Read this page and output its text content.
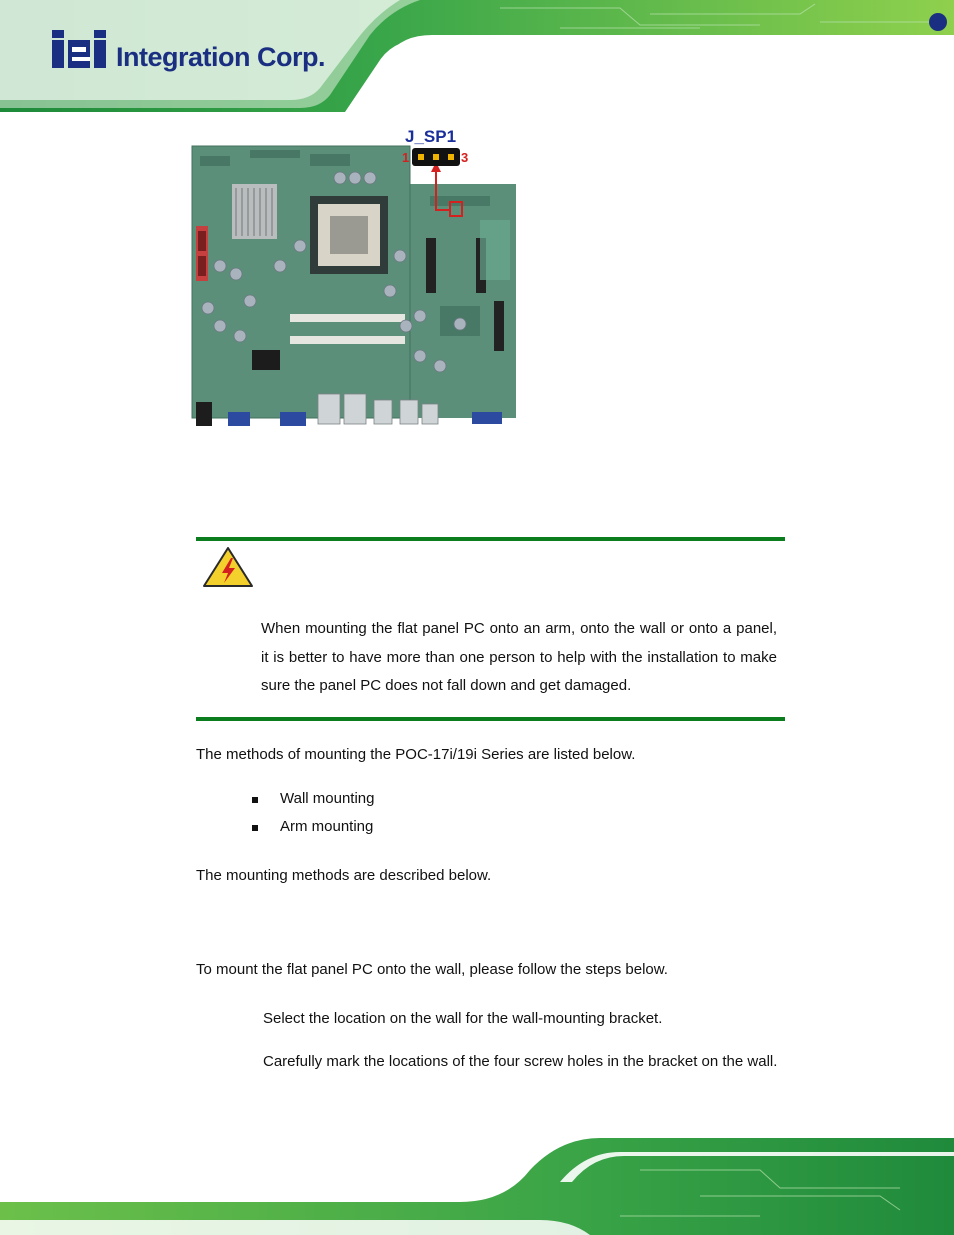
Integration Corp.
J_SP1
1	3
When mounting the flat panel PC onto an arm, onto the wall or onto a panel, it is better to have more than one person to help with the installation to make sure the panel PC does not fall down and get damaged.
The methods of mounting the POC-17i/19i Series are listed below.
Wall mounting
Arm mounting
The mounting methods are described below.
To mount the flat panel PC onto the wall, please follow the steps below.
Select the location on the wall for the wall-mounting bracket.
Carefully mark the locations of the four screw holes in the bracket on the wall.
